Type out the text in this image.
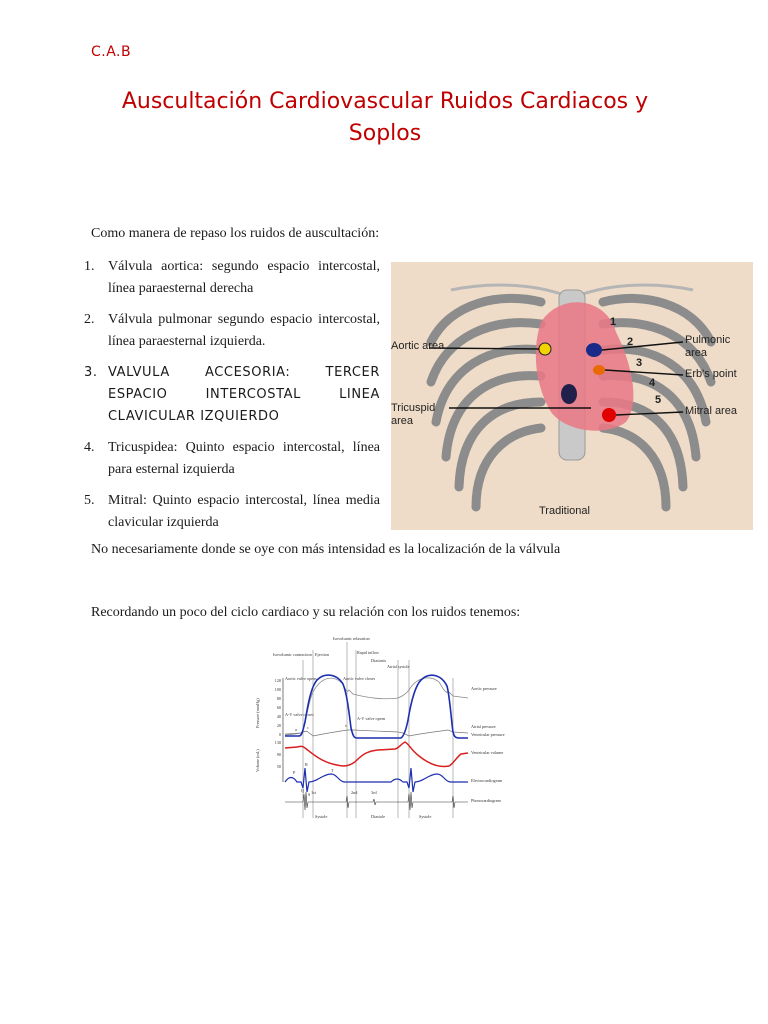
C.A.B
Auscultación Cardiovascular Ruidos Cardiacos y Soplos
Como manera de repaso los ruidos de auscultación:
1. Válvula aortica: segundo espacio intercostal, línea paraesternal derecha
2. Válvula pulmonar segundo espacio intercostal, línea paraesternal izquierda.
3. VALVULA ACCESORIA: TERCER ESPACIO INTERCOSTAL LINEA CLAVICULAR IZQUIERDO
4. Tricuspidea: Quinto espacio intercostal, línea para esternal izquierda
5. Mitral: Quinto espacio intercostal, línea media clavicular izquierda
No necesariamente donde se oye con más intensidad es la localización de la válvula
Recordando un poco del ciclo cardiaco y su relación con los ruidos tenemos:
1 2 3 4 5
Aortic area	Pulmonic area
Erb's point
Tricuspid area
Mitral area
Traditional
Isovolumic contraction Ejection
Isovolumic relaxation
Rapid inflow
Diastasis
Atrial systole
Aortic valve opens	Aortic valve closes
A-V valve closes
A-V valve opens
Pressure (mmHg)
Volume (mL)
120
100
80
60
40
20
0
130
90
50
Aortic pressure
Atrial pressure
Ventricular pressure
Ventricular volume
Electrocardiogram
Phonocardiogram
R
P
Q
S
T
a c	v
1st	2nd	3rd
Systole	Diastole	Systole
